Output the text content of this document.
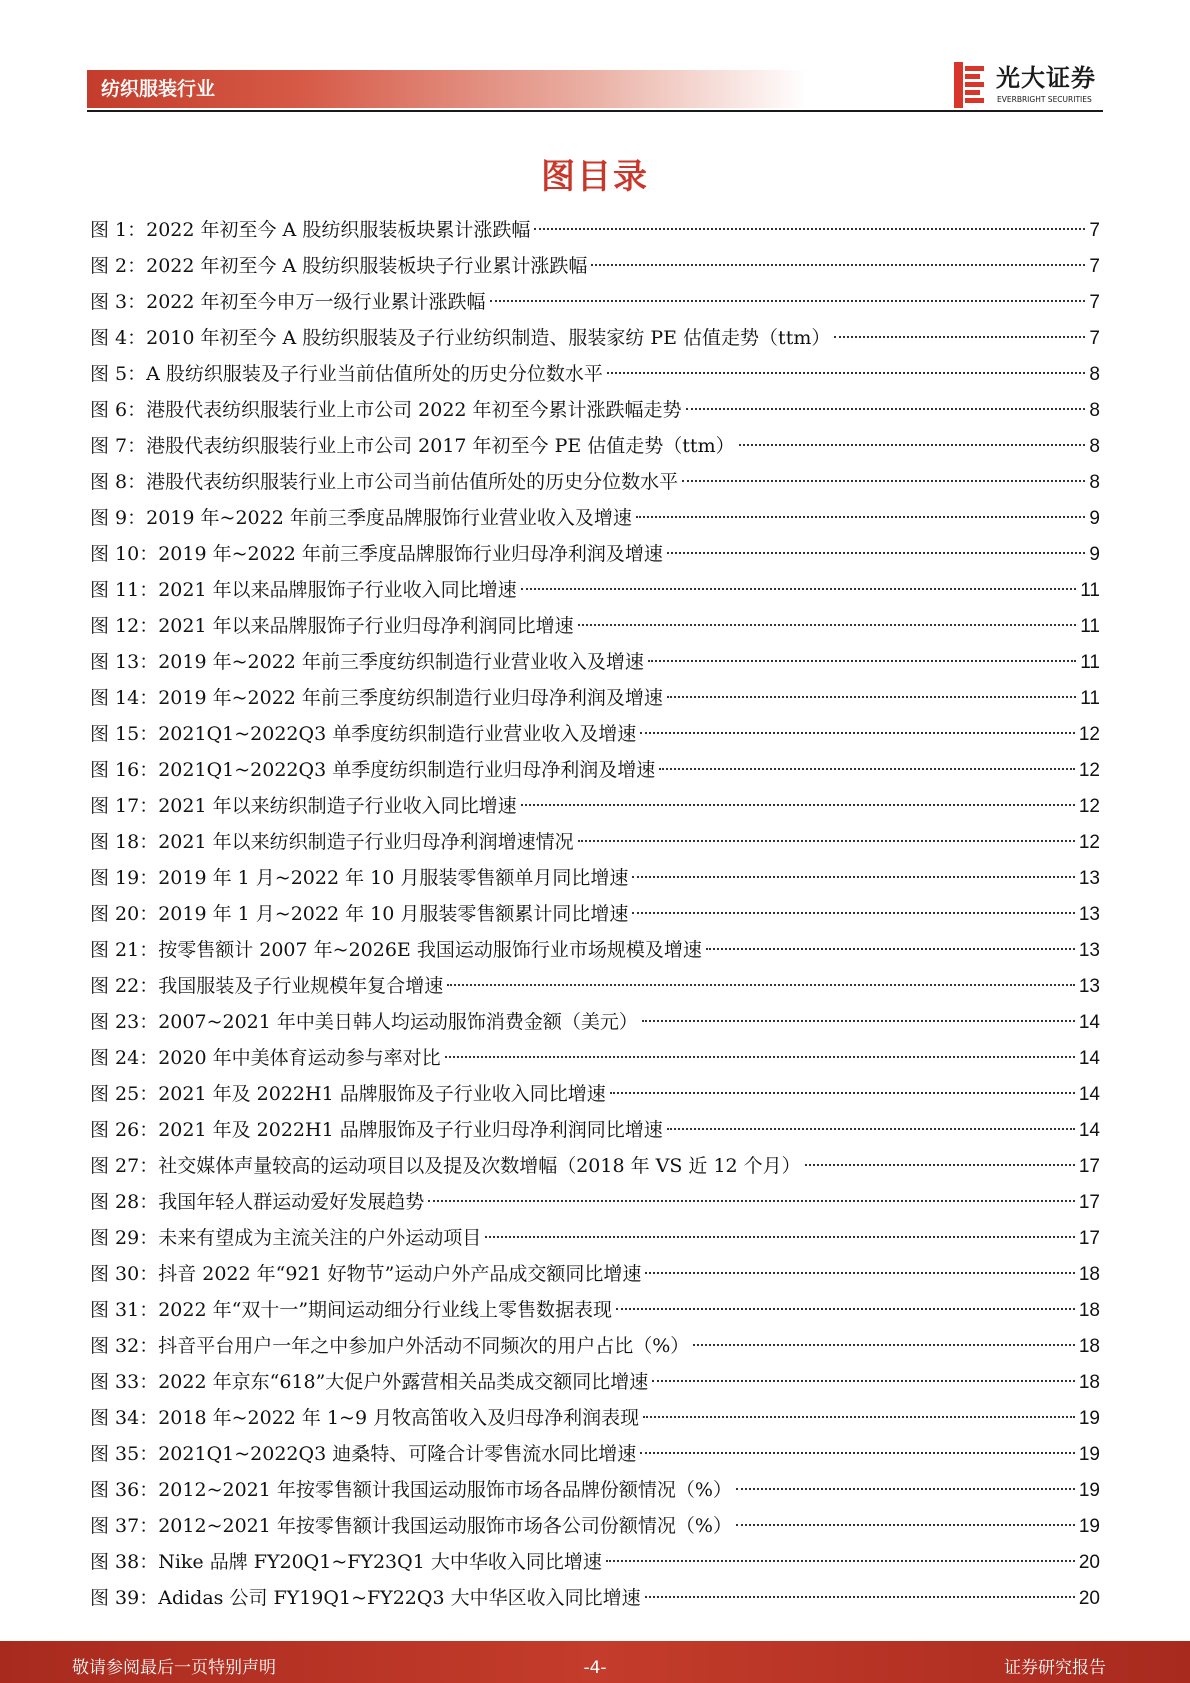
纺织服装行业	光大证券
EVERBRIGHT SECURITIES
图目录
图 1：2022 年初至今 A 股纺织服装板块累计涨跌幅	7
图 2：2022 年初至今 A 股纺织服装板块子行业累计涨跌幅	7
图 3：2022 年初至今申万一级行业累计涨跌幅	7
图 4：2010 年初至今 A 股纺织服装及子行业纺织制造、服装家纺 PE 估值走势（ttm）	7
图 5：A 股纺织服装及子行业当前估值所处的历史分位数水平	8
图 6：港股代表纺织服装行业上市公司 2022 年初至今累计涨跌幅走势	8
图 7：港股代表纺织服装行业上市公司 2017 年初至今 PE 估值走势（ttm）	8
图 8：港股代表纺织服装行业上市公司当前估值所处的历史分位数水平	8
图 9：2019 年~2022 年前三季度品牌服饰行业营业收入及增速	9
图 10：2019 年~2022 年前三季度品牌服饰行业归母净利润及增速	9
图 11：2021 年以来品牌服饰子行业收入同比增速	11
图 12：2021 年以来品牌服饰子行业归母净利润同比增速	11
图 13：2019 年~2022 年前三季度纺织制造行业营业收入及增速	11
图 14：2019 年~2022 年前三季度纺织制造行业归母净利润及增速	11
图 15：2021Q1~2022Q3 单季度纺织制造行业营业收入及增速	12
图 16：2021Q1~2022Q3 单季度纺织制造行业归母净利润及增速	12
图 17：2021 年以来纺织制造子行业收入同比增速	12
图 18：2021 年以来纺织制造子行业归母净利润增速情况	12
图 19：2019 年 1 月~2022 年 10 月服装零售额单月同比增速	13
图 20：2019 年 1 月~2022 年 10 月服装零售额累计同比增速	13
图 21：按零售额计 2007 年~2026E 我国运动服饰行业市场规模及增速	13
图 22：我国服装及子行业规模年复合增速	13
图 23：2007~2021 年中美日韩人均运动服饰消费金额（美元）	14
图 24：2020 年中美体育运动参与率对比	14
图 25：2021 年及 2022H1 品牌服饰及子行业收入同比增速	14
图 26：2021 年及 2022H1 品牌服饰及子行业归母净利润同比增速	14
图 27：社交媒体声量较高的运动项目以及提及次数增幅（2018 年 VS 近 12 个月）	17
图 28：我国年轻人群运动爱好发展趋势	17
图 29：未来有望成为主流关注的户外运动项目	17
图 30：抖音 2022 年“921 好物节”运动户外产品成交额同比增速	18
图 31：2022 年“双十一”期间运动细分行业线上零售数据表现	18
图 32：抖音平台用户一年之中参加户外活动不同频次的用户占比（%）	18
图 33：2022 年京东“618”大促户外露营相关品类成交额同比增速	18
图 34：2018 年~2022 年 1~9 月牧高笛收入及归母净利润表现	19
图 35：2021Q1~2022Q3 迪桑特、可隆合计零售流水同比增速	19
图 36：2012~2021 年按零售额计我国运动服饰市场各品牌份额情况（%）	19
图 37：2012~2021 年按零售额计我国运动服饰市场各公司份额情况（%）	19
图 38：Nike 品牌 FY20Q1~FY23Q1 大中华收入同比增速	20
图 39：Adidas 公司 FY19Q1~FY22Q3 大中华区收入同比增速	20
敬请参阅最后一页特别声明	-4-	证券研究报告
